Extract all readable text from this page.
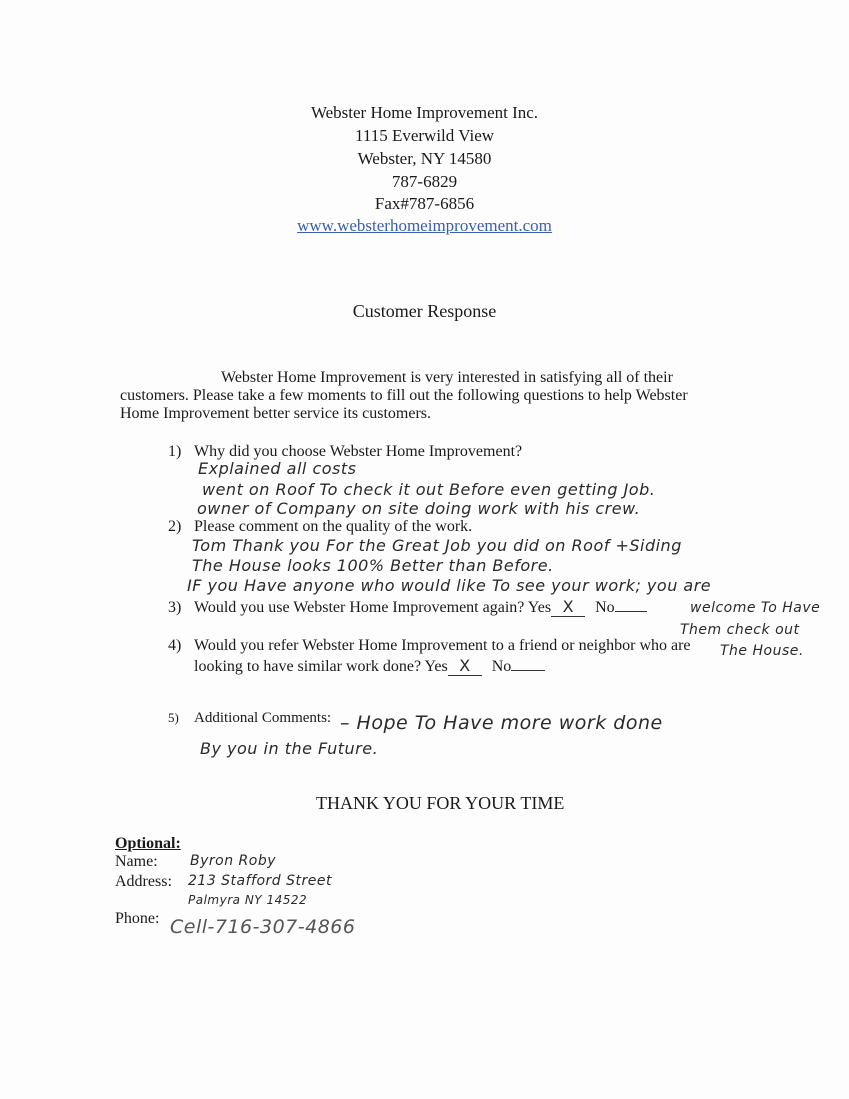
Webster Home Improvement Inc.
1115 Everwild View
Webster, NY 14580
787-6829
Fax#787-6856
www.websterhomeimprovement.com
Customer Response
Webster Home Improvement is very interested in satisfying all of their
customers. Please take a few moments to fill out the following questions to help Webster
Home Improvement better service its customers.
1) Why did you choose Webster Home Improvement?
Explained all costs
went on Roof To check it out Before even getting Job.
owner of Company on site doing work with his crew.
2) Please comment on the quality of the work.
Tom Thank you For the Great Job you did on Roof +Siding
The House looks 100% Better than Before.
IF you Have anyone who would like To see your work; you are
welcome To Have
Them check out
The House.
3) Would you use Webster Home Improvement again? Yes X No
4) Would you refer Webster Home Improvement to a friend or neighbor who are
looking to have similar work done? Yes X No
5) Additional Comments: – Hope To Have more work done
By you in the Future.
THANK YOU FOR YOUR TIME
Optional:
Name: Byron Roby
Address: 213 Stafford Street
Palmyra NY 14522
Phone: Cell-716-307-4866
